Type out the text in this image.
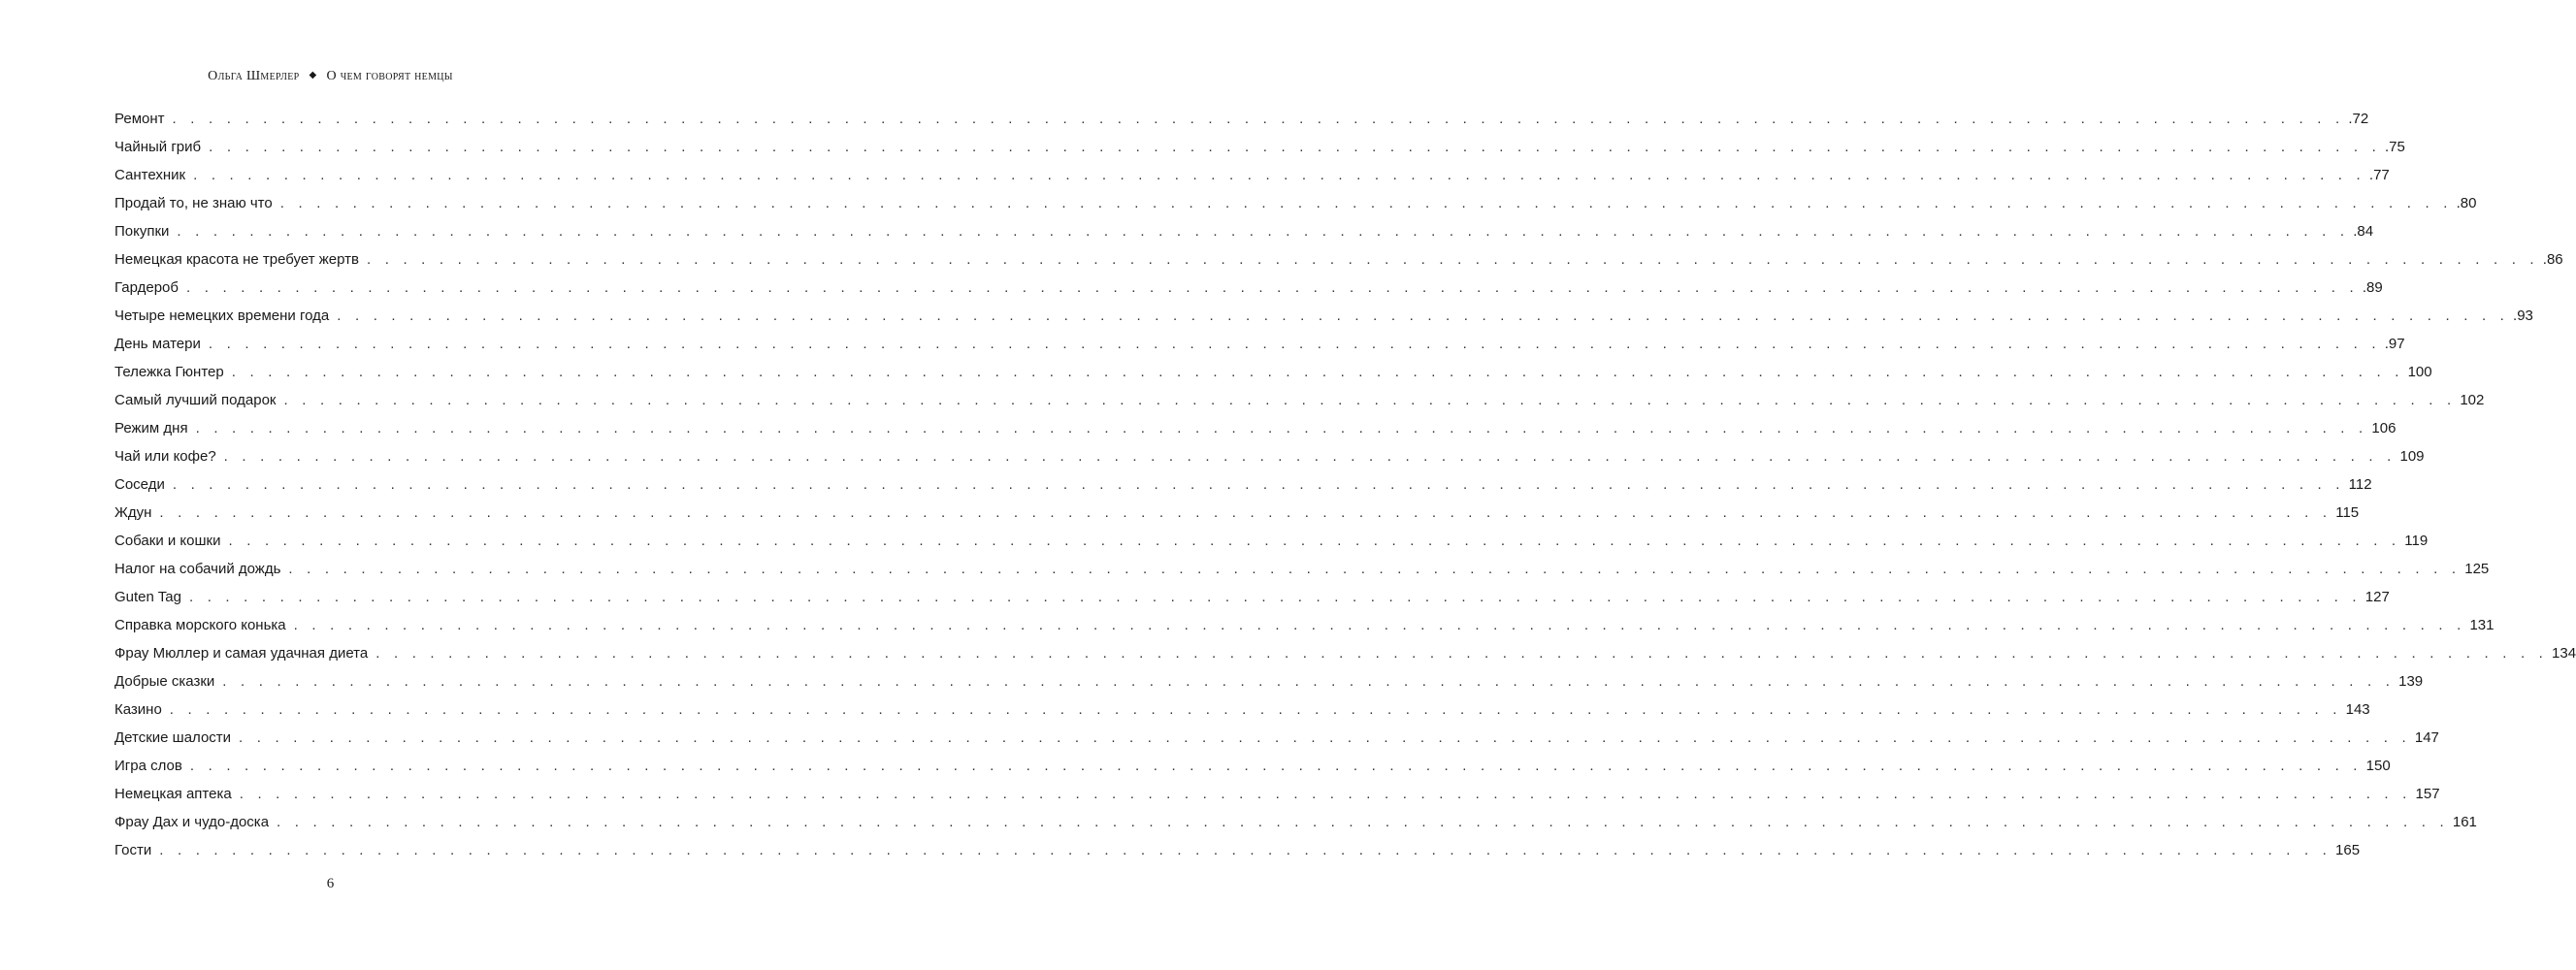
Ольга Шмерлер ◆ О чем говорят немцы
Ремонт . . . . . . . . . . . . . . . . . . . . . . . . . . . . . . . . . . . . . . . . . . . . . . . . . . . . . . . . . . . . . . . . . . . . . . . . . . . . . . . . . . . . . . . . . . . . . . . . . . . . . . . . . . . . . . . . . . . . . . . . .72
Чайный гриб . . . . . . . . . . . . . . . . . . . . . . . . . . . . . . . . . . . . . . . . . . . . . . . . . . . . . . . . . . . . . . . . . . . . . . . . . . . . . . . . . . . . . . . . . . . . . . . . . . . . . . . . . . . . . . . . . . . . . . . . .75
Сантехник . . . . . . . . . . . . . . . . . . . . . . . . . . . . . . . . . . . . . . . . . . . . . . . . . . . . . . . . . . . . . . . . . . . . . . . . . . . . . . . . . . . . . . . . . . . . . . . . . . . . . . . . . . . . . . . . . . . . . . . . .77
Продай то, не знаю что . . . . . . . . . . . . . . . . . . . . . . . . . . . . . . . . . . . . . . . . . . . . . . . . . . . . . . . . . . . . . . . . . . . . . . . . . . . . . . . . . . . . . . . . . . . . . . . . . . . . . . . . . . . . . . . . . . . . . . . . .80
Покупки . . . . . . . . . . . . . . . . . . . . . . . . . . . . . . . . . . . . . . . . . . . . . . . . . . . . . . . . . . . . . . . . . . . . . . . . . . . . . . . . . . . . . . . . . . . . . . . . . . . . . . . . . . . . . . . . . . . . . . . . .84
Немецкая красота не требует жертв . . . . . . . . . . . . . . . . . . . . . . . . . . . . . . . . . . . . . . . . . . . . . . . . . . . . . . . . . . . . . . . . . . . . . . . . . . . . . . . . . . . . . . . . . . . . . . . . . . . . . . . . . . . . . . . . . . . . . . . . .86
Гардероб . . . . . . . . . . . . . . . . . . . . . . . . . . . . . . . . . . . . . . . . . . . . . . . . . . . . . . . . . . . . . . . . . . . . . . . . . . . . . . . . . . . . . . . . . . . . . . . . . . . . . . . . . . . . . . . . . . . . . . . . .89
Четыре немецких времени года . . . . . . . . . . . . . . . . . . . . . . . . . . . . . . . . . . . . . . . . . . . . . . . . . . . . . . . . . . . . . . . . . . . . . . . . . . . . . . . . . . . . . . . . . . . . . . . . . . . . . . . . . . . . . . . . . . . . . . . . .93
День матери . . . . . . . . . . . . . . . . . . . . . . . . . . . . . . . . . . . . . . . . . . . . . . . . . . . . . . . . . . . . . . . . . . . . . . . . . . . . . . . . . . . . . . . . . . . . . . . . . . . . . . . . . . . . . . . . . . . . . . . . .97
Тележка Гюнтер . . . . . . . . . . . . . . . . . . . . . . . . . . . . . . . . . . . . . . . . . . . . . . . . . . . . . . . . . . . . . . . . . . . . . . . . . . . . . . . . . . . . . . . . . . . . . . . . . . . . . . . . . . . . . . . . . . . . . . . . 100
Самый лучший подарок . . . . . . . . . . . . . . . . . . . . . . . . . . . . . . . . . . . . . . . . . . . . . . . . . . . . . . . . . . . . . . . . . . . . . . . . . . . . . . . . . . . . . . . . . . . . . . . . . . . . . . . . . . . . . . . . . . . . . . . . 102
Режим дня . . . . . . . . . . . . . . . . . . . . . . . . . . . . . . . . . . . . . . . . . . . . . . . . . . . . . . . . . . . . . . . . . . . . . . . . . . . . . . . . . . . . . . . . . . . . . . . . . . . . . . . . . . . . . . . . . . . . . . . . 106
Чай или кофе? . . . . . . . . . . . . . . . . . . . . . . . . . . . . . . . . . . . . . . . . . . . . . . . . . . . . . . . . . . . . . . . . . . . . . . . . . . . . . . . . . . . . . . . . . . . . . . . . . . . . . . . . . . . . . . . . . . . . . . . . 109
Соседи . . . . . . . . . . . . . . . . . . . . . . . . . . . . . . . . . . . . . . . . . . . . . . . . . . . . . . . . . . . . . . . . . . . . . . . . . . . . . . . . . . . . . . . . . . . . . . . . . . . . . . . . . . . . . . . . . . . . . . . . 112
Ждун . . . . . . . . . . . . . . . . . . . . . . . . . . . . . . . . . . . . . . . . . . . . . . . . . . . . . . . . . . . . . . . . . . . . . . . . . . . . . . . . . . . . . . . . . . . . . . . . . . . . . . . . . . . . . . . . . . . . . . . . 115
Собаки и кошки . . . . . . . . . . . . . . . . . . . . . . . . . . . . . . . . . . . . . . . . . . . . . . . . . . . . . . . . . . . . . . . . . . . . . . . . . . . . . . . . . . . . . . . . . . . . . . . . . . . . . . . . . . . . . . . . . . . . . . . . 119
Налог на собачий дождь . . . . . . . . . . . . . . . . . . . . . . . . . . . . . . . . . . . . . . . . . . . . . . . . . . . . . . . . . . . . . . . . . . . . . . . . . . . . . . . . . . . . . . . . . . . . . . . . . . . . . . . . . . . . . . . . . . . . . . . . 125
Guten Tag . . . . . . . . . . . . . . . . . . . . . . . . . . . . . . . . . . . . . . . . . . . . . . . . . . . . . . . . . . . . . . . . . . . . . . . . . . . . . . . . . . . . . . . . . . . . . . . . . . . . . . . . . . . . . . . . . . . . . . . . 127
Справка морского конька . . . . . . . . . . . . . . . . . . . . . . . . . . . . . . . . . . . . . . . . . . . . . . . . . . . . . . . . . . . . . . . . . . . . . . . . . . . . . . . . . . . . . . . . . . . . . . . . . . . . . . . . . . . . . . . . . . . . . . . . 131
Фрау Мюллер и самая удачная диета . . . . . . . . . . . . . . . . . . . . . . . . . . . . . . . . . . . . . . . . . . . . . . . . . . . . . . . . . . . . . . . . . . . . . . . . . . . . . . . . . . . . . . . . . . . . . . . . . . . . . . . . . . . . . . . . . . . . . . . . 134
Добрые сказки . . . . . . . . . . . . . . . . . . . . . . . . . . . . . . . . . . . . . . . . . . . . . . . . . . . . . . . . . . . . . . . . . . . . . . . . . . . . . . . . . . . . . . . . . . . . . . . . . . . . . . . . . . . . . . . . . . . . . . . . 139
Казино . . . . . . . . . . . . . . . . . . . . . . . . . . . . . . . . . . . . . . . . . . . . . . . . . . . . . . . . . . . . . . . . . . . . . . . . . . . . . . . . . . . . . . . . . . . . . . . . . . . . . . . . . . . . . . . . . . . . . . . . 143
Детские шалости . . . . . . . . . . . . . . . . . . . . . . . . . . . . . . . . . . . . . . . . . . . . . . . . . . . . . . . . . . . . . . . . . . . . . . . . . . . . . . . . . . . . . . . . . . . . . . . . . . . . . . . . . . . . . . . . . . . . . . . . 147
Игра слов . . . . . . . . . . . . . . . . . . . . . . . . . . . . . . . . . . . . . . . . . . . . . . . . . . . . . . . . . . . . . . . . . . . . . . . . . . . . . . . . . . . . . . . . . . . . . . . . . . . . . . . . . . . . . . . . . . . . . . . . 150
Немецкая аптека . . . . . . . . . . . . . . . . . . . . . . . . . . . . . . . . . . . . . . . . . . . . . . . . . . . . . . . . . . . . . . . . . . . . . . . . . . . . . . . . . . . . . . . . . . . . . . . . . . . . . . . . . . . . . . . . . . . . . . . . 157
Фрау Дах и чудо-доска . . . . . . . . . . . . . . . . . . . . . . . . . . . . . . . . . . . . . . . . . . . . . . . . . . . . . . . . . . . . . . . . . . . . . . . . . . . . . . . . . . . . . . . . . . . . . . . . . . . . . . . . . . . . . . . . . . . . . . . . 161
Гости . . . . . . . . . . . . . . . . . . . . . . . . . . . . . . . . . . . . . . . . . . . . . . . . . . . . . . . . . . . . . . . . . . . . . . . . . . . . . . . . . . . . . . . . . . . . . . . . . . . . . . . . . . . . . . . . . . . . . . . . 165
6
